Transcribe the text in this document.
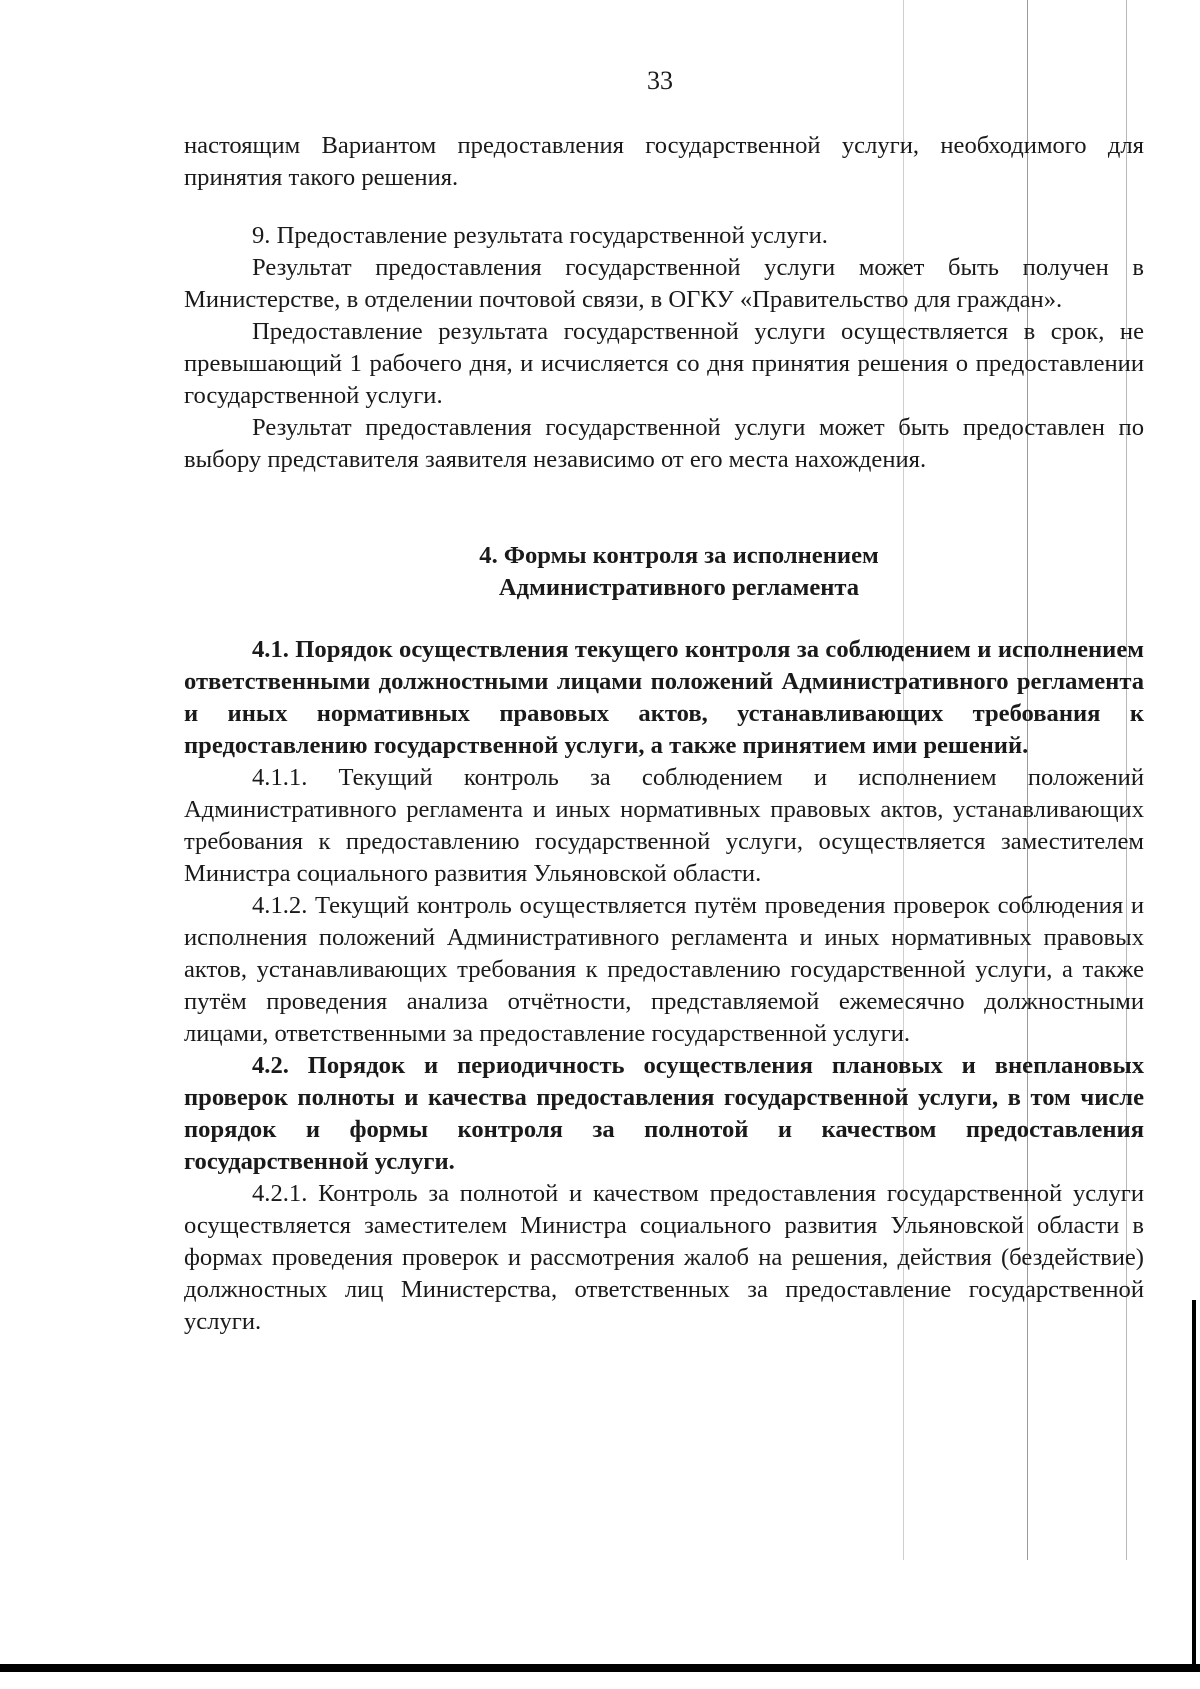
33

настоящим Вариантом предоставления государственной услуги, необходимого для принятия такого решения.

9. Предоставление результата государственной услуги.

Результат предоставления государственной услуги может быть получен в Министерстве, в отделении почтовой связи, в ОГКУ «Правительство для граждан».

Предоставление результата государственной услуги осуществляется в срок, не превышающий 1 рабочего дня, и исчисляется со дня принятия решения о предоставлении государственной услуги.

Результат предоставления государственной услуги может быть предоставлен по выбору представителя заявителя независимо от его места нахождения.

4. Формы контроля за исполнением

Административного регламента

4.1. Порядок осуществления текущего контроля за соблюдением и исполнением ответственными должностными лицами положений Административного регламента и иных нормативных правовых актов, устанавливающих требования к предоставлению государственной услуги, а также принятием ими решений.

4.1.1. Текущий контроль за соблюдением и исполнением положений Административного регламента и иных нормативных правовых актов, устанавливающих требования к предоставлению государственной услуги, осуществляется заместителем Министра социального развития Ульяновской области.

4.1.2. Текущий контроль осуществляется путём проведения проверок соблюдения и исполнения положений Административного регламента и иных нормативных правовых актов, устанавливающих требования к предоставлению государственной услуги, а также путём проведения анализа отчётности, представляемой ежемесячно должностными лицами, ответственными за предоставление государственной услуги.

4.2. Порядок и периодичность осуществления плановых и внеплановых проверок полноты и качества предоставления государственной услуги, в том числе порядок и формы контроля за полнотой и качеством предоставления государственной услуги.

4.2.1. Контроль за полнотой и качеством предоставления государственной услуги осуществляется заместителем Министра социального развития Ульяновской области в формах проведения проверок и рассмотрения жалоб на решения, действия (бездействие) должностных лиц Министерства, ответственных за предоставление государственной услуги.
